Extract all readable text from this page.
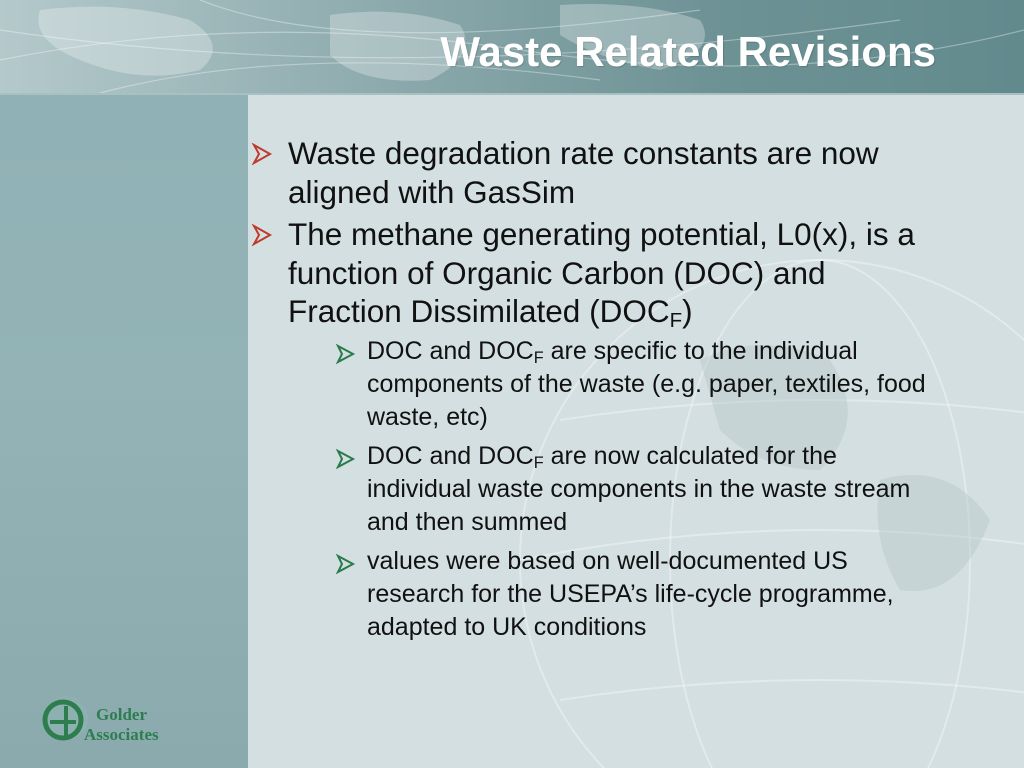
Waste Related Revisions
Waste degradation rate constants are now aligned with GasSim
The methane generating potential, L0(x), is a function of Organic Carbon (DOC) and Fraction Dissimilated $(DOC_F)$
DOC and $DOC_F$ are specific to the individual components of the waste (e.g. paper, textiles, food waste, etc)
DOC and $DOC_F$ are now calculated for the individual waste components in the waste stream and then summed
values were based on well-documented US research for the USEPA’s life-cycle programme, adapted to UK conditions
Golder
Associates
